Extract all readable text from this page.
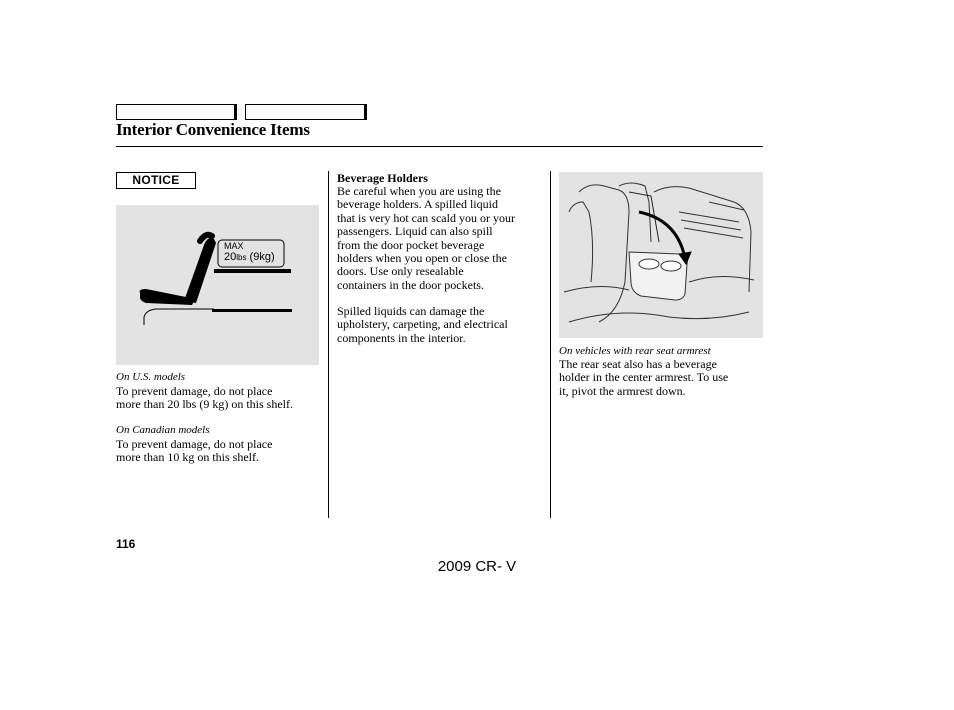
Interior Convenience Items
NOTICE
MAX
20lbs (9kg)
On U.S. models

To prevent damage, do not place

more than 20 lbs (9 kg) on this shelf.

On Canadian models

To prevent damage, do not place

more than 10 kg on this shelf.

Beverage Holders

Be careful when you are using the

beverage holders. A spilled liquid

that is very hot can scald you or your

passengers. Liquid can also spill

from the door pocket beverage

holders when you open or close the

doors. Use only resealable

containers in the door pockets.

Spilled liquids can damage the

upholstery, carpeting, and electrical

components in the interior.

On vehicles with rear seat armrest

The rear seat also has a beverage

holder in the center armrest. To use

it, pivot the armrest down.

116
2009 CR- V
